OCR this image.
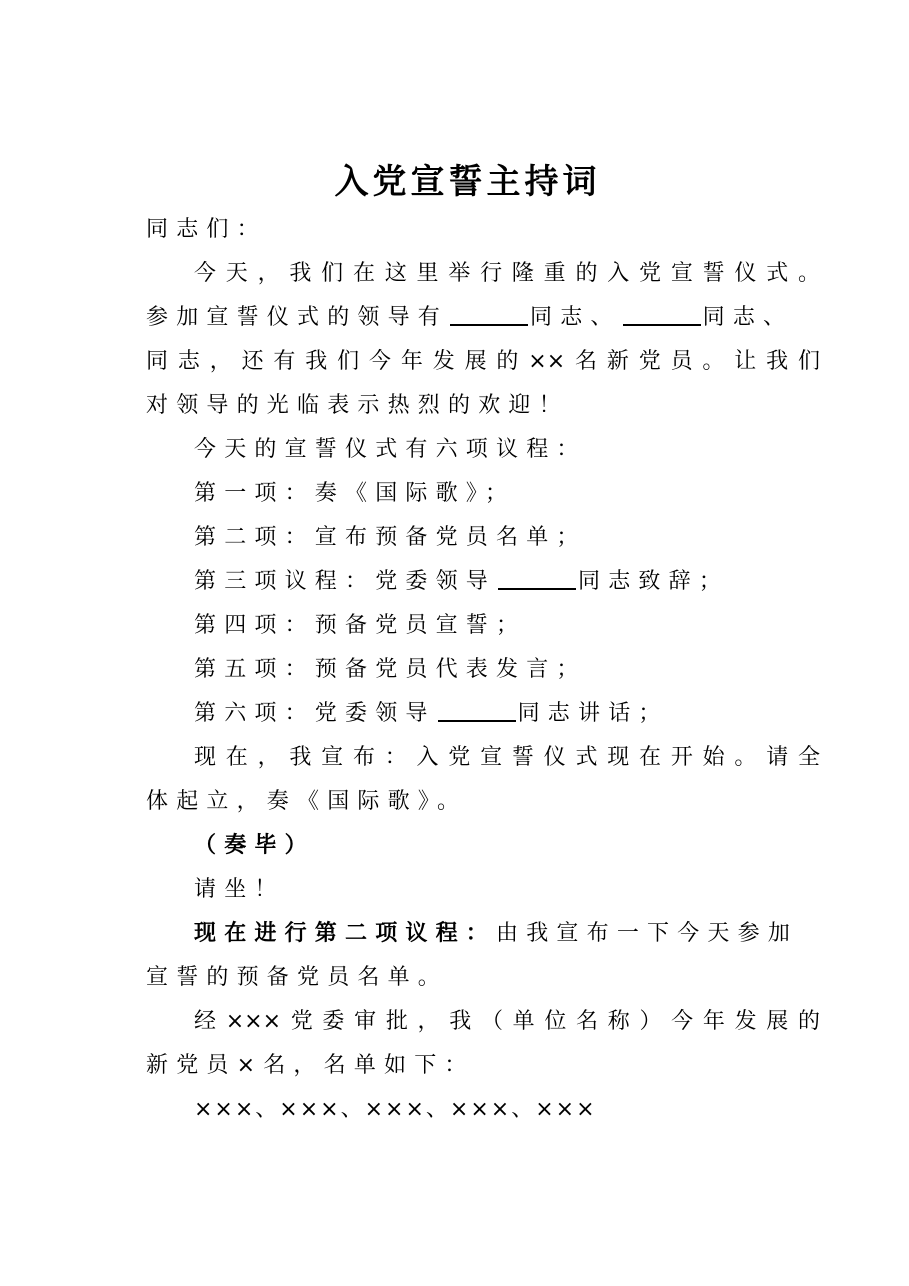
入党宣誓主持词
同志们：
今天，我们在这里举行隆重的入党宣誓仪式。
参加宣誓仪式的领导有	同志、	同志、
同志，还有我们今年发展的××名新党员。让我们
对领导的光临表示热烈的欢迎！
今天的宣誓仪式有六项议程：
第一项：奏《国际歌》；
第二项：宣布预备党员名单；
第三项议程：党委领导	同志致辞；
第四项：预备党员宣誓；
第五项：预备党员代表发言；
第六项：党委领导	同志讲话；
现在，我宣布：入党宣誓仪式现在开始。请全
体起立，奏《国际歌》。
（奏毕）
请坐！
现在进行第二项议程：由我宣布一下今天参加
宣誓的预备党员名单。
经×××党委审批，我（单位名称）今年发展的
新党员×名，名单如下：
×××、×××、×××、×××、×××
